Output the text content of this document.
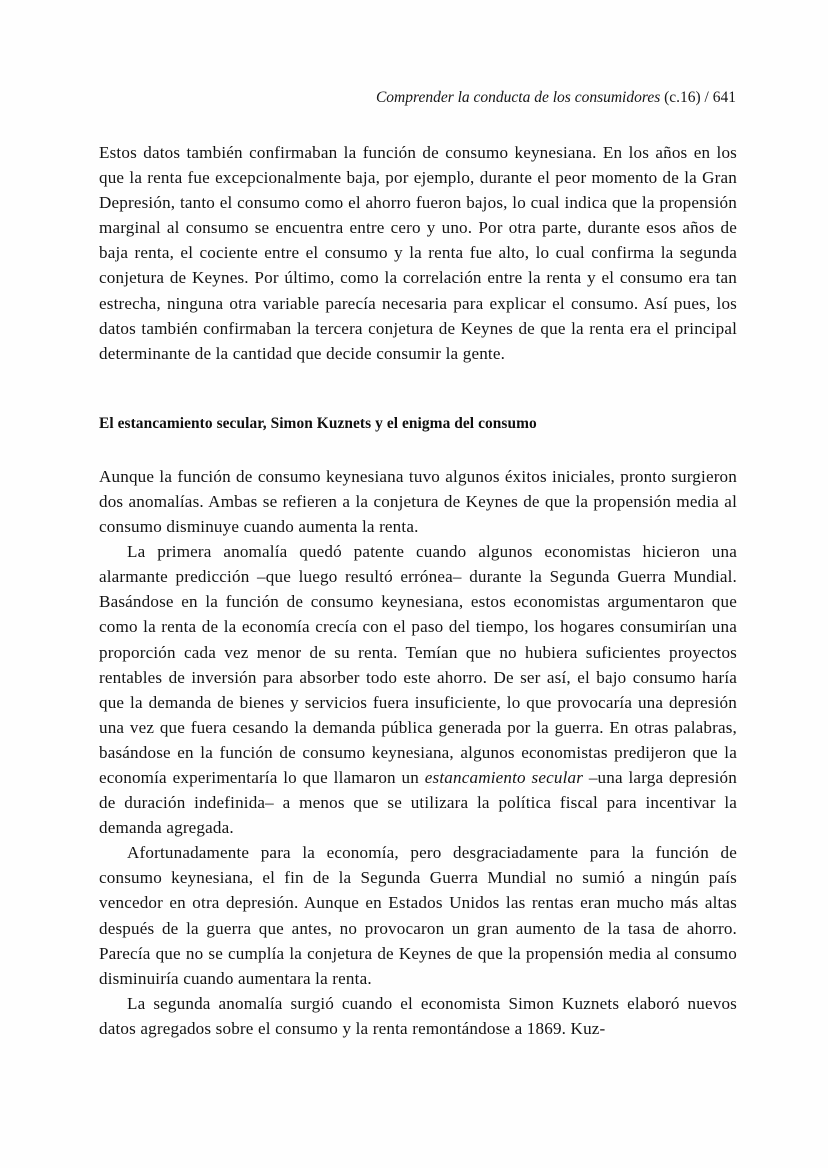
Comprender la conducta de los consumidores (c.16) / 641

Estos datos también confirmaban la función de consumo keynesiana. En los años en los que la renta fue excepcionalmente baja, por ejemplo, durante el peor momento de la Gran Depresión, tanto el consumo como el ahorro fueron bajos, lo cual indica que la propensión marginal al consumo se encuentra entre cero y uno. Por otra parte, durante esos años de baja renta, el cociente entre el consumo y la renta fue alto, lo cual confirma la segunda conjetura de Keynes. Por último, como la correlación entre la renta y el consumo era tan estrecha, ninguna otra variable parecía necesaria para explicar el consumo. Así pues, los datos también confirmaban la tercera conjetura de Keynes de que la renta era el principal determinante de la cantidad que decide consumir la gente.

El estancamiento secular, Simon Kuznets y el enigma del consumo

Aunque la función de consumo keynesiana tuvo algunos éxitos iniciales, pronto surgieron dos anomalías. Ambas se refieren a la conjetura de Keynes de que la propensión media al consumo disminuye cuando aumenta la renta.

La primera anomalía quedó patente cuando algunos economistas hicieron una alarmante predicción –que luego resultó errónea– durante la Segunda Guerra Mundial. Basándose en la función de consumo keynesiana, estos economistas argumentaron que como la renta de la economía crecía con el paso del tiempo, los hogares consumirían una proporción cada vez menor de su renta. Temían que no hubiera suficientes proyectos rentables de inversión para absorber todo este ahorro. De ser así, el bajo consumo haría que la demanda de bienes y servicios fuera insuficiente, lo que provocaría una depresión una vez que fuera cesando la demanda pública generada por la guerra. En otras palabras, basándose en la función de consumo keynesiana, algunos economistas predijeron que la economía experimentaría lo que llamaron un estancamiento secular –una larga depresión de duración indefinida– a menos que se utilizara la política fiscal para incentivar la demanda agregada.

Afortunadamente para la economía, pero desgraciadamente para la función de consumo keynesiana, el fin de la Segunda Guerra Mundial no sumió a ningún país vencedor en otra depresión. Aunque en Estados Unidos las rentas eran mucho más altas después de la guerra que antes, no provocaron un gran aumento de la tasa de ahorro. Parecía que no se cumplía la conjetura de Keynes de que la propensión media al consumo disminuiría cuando aumentara la renta.

La segunda anomalía surgió cuando el economista Simon Kuznets elaboró nuevos datos agregados sobre el consumo y la renta remontándose a 1869. Kuz-
